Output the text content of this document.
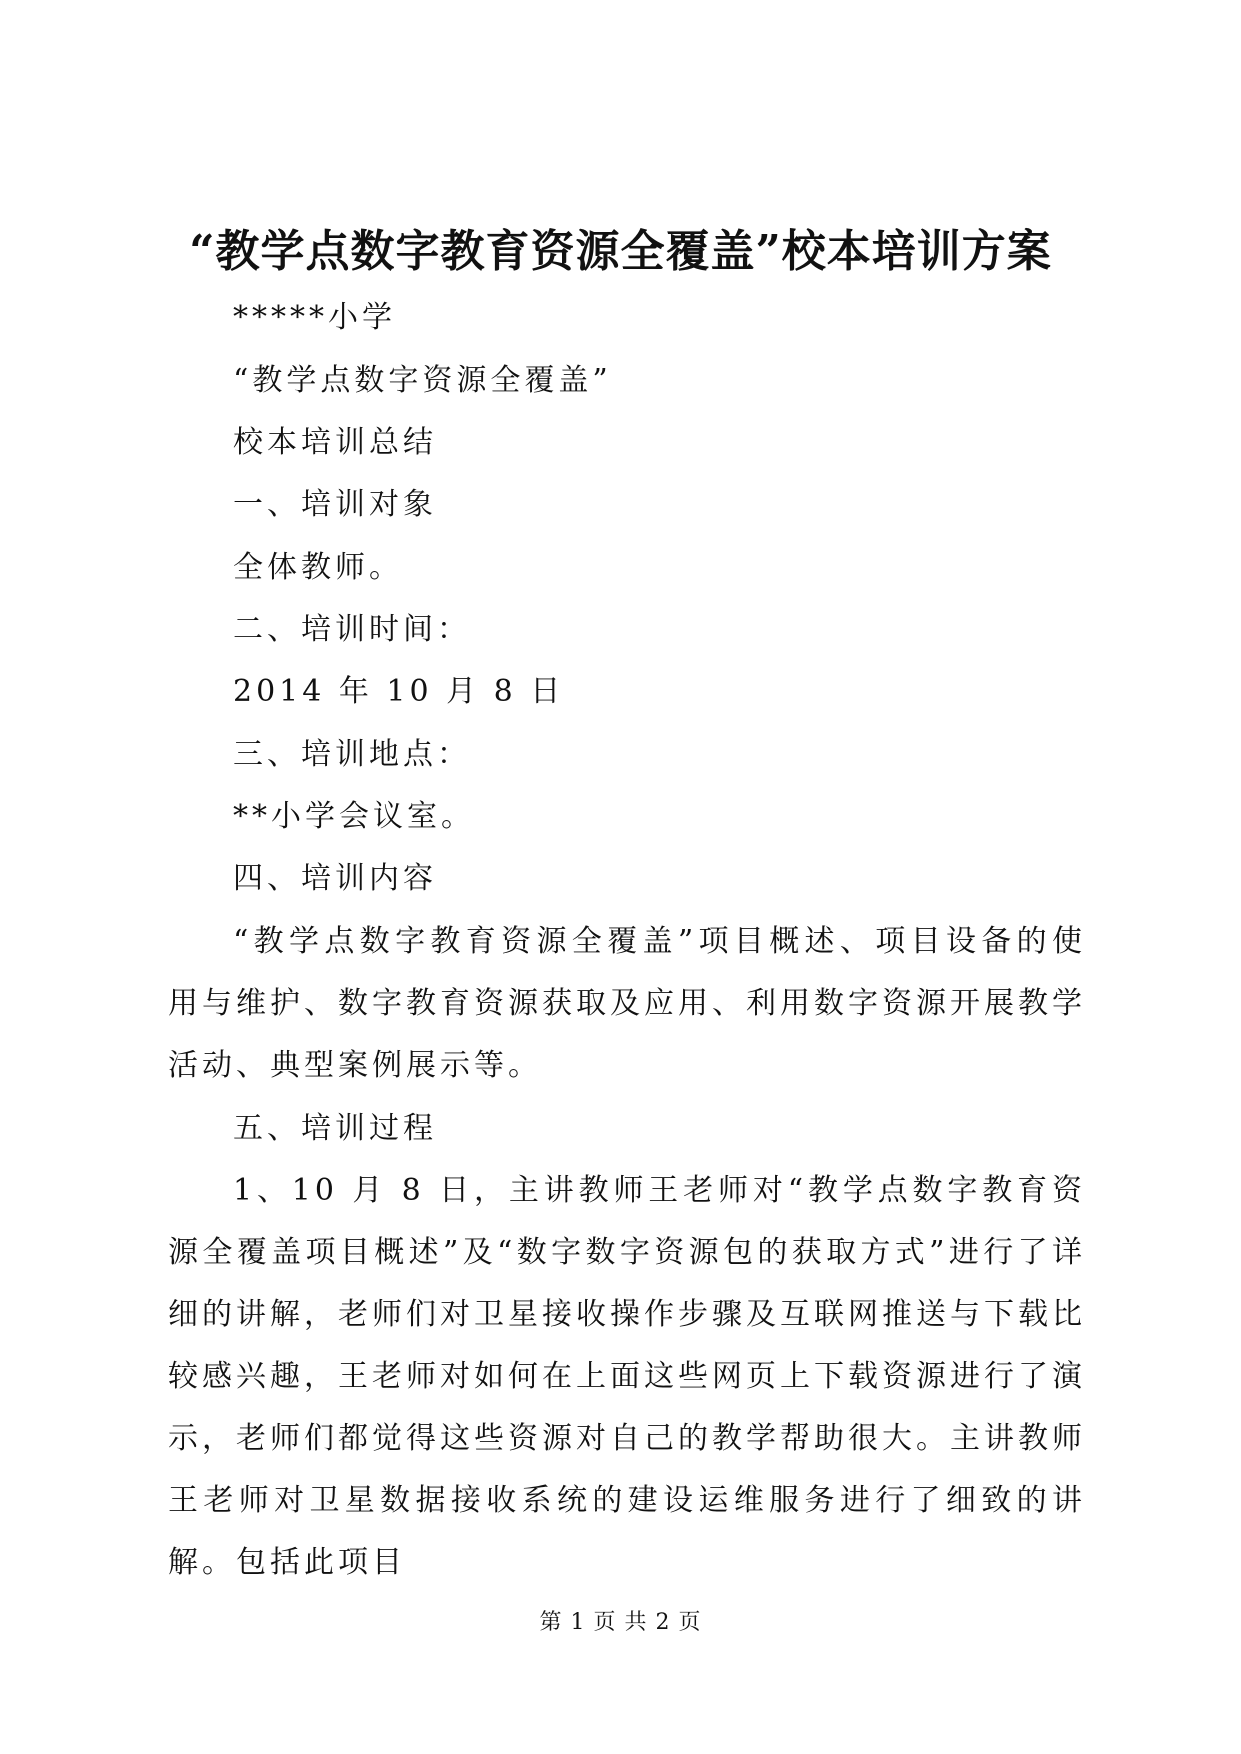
“教学点数字教育资源全覆盖”校本培训方案
*****小学
“教学点数字资源全覆盖”
校本培训总结
一、培训对象
全体教师。
二、培训时间：
2014 年 10 月 8 日
三、培训地点：
**小学会议室。
四、培训内容
“教学点数字教育资源全覆盖”项目概述、项目设备的使用与维护、数字教育资源获取及应用、利用数字资源开展教学活动、典型案例展示等。
五、培训过程
1、10 月 8 日，主讲教师王老师对“教学点数字教育资源全覆盖项目概述”及“数字数字资源包的获取方式”进行了详细的讲解，老师们对卫星接收操作步骤及互联网推送与下载比较感兴趣，王老师对如何在上面这些网页上下载资源进行了演示，老师们都觉得这些资源对自己的教学帮助很大。主讲教师王老师对卫星数据接收系统的建设运维服务进行了细致的讲解。包括此项目
第 1 页 共 2 页
